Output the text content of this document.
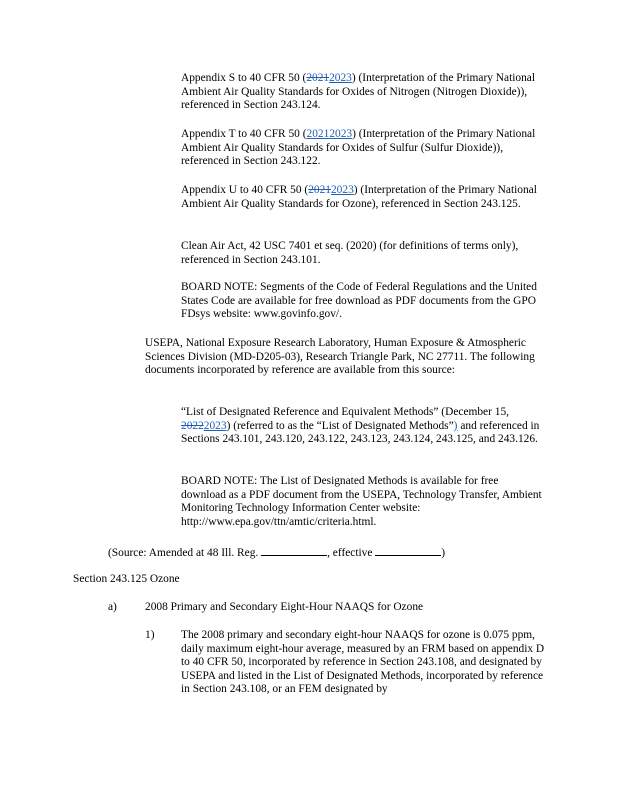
Appendix S to 40 CFR 50 (20212023) (Interpretation of the Primary National Ambient Air Quality Standards for Oxides of Nitrogen (Nitrogen Dioxide)), referenced in Section 243.124.

Appendix T to 40 CFR 50 (20212023) (Interpretation of the Primary National Ambient Air Quality Standards for Oxides of Sulfur (Sulfur Dioxide)), referenced in Section 243.122.

Appendix U to 40 CFR 50 (20212023) (Interpretation of the Primary National Ambient Air Quality Standards for Ozone), referenced in Section 243.125.

Clean Air Act, 42 USC 7401 et seq. (2020) (for definitions of terms only), referenced in Section 243.101.

BOARD NOTE: Segments of the Code of Federal Regulations and the United States Code are available for free download as PDF documents from the GPO FDsys website: www.govinfo.gov/.

USEPA, National Exposure Research Laboratory, Human Exposure & Atmospheric Sciences Division (MD-D205-03), Research Triangle Park, NC 27711. The following documents incorporated by reference are available from this source:

“List of Designated Reference and Equivalent Methods” (December 15, 20222023) (referred to as the “List of Designated Methods”) and referenced in Sections 243.101, 243.120, 243.122, 243.123, 243.124, 243.125, and 243.126.

BOARD NOTE: The List of Designated Methods is available for free download as a PDF document from the USEPA, Technology Transfer, Ambient Monitoring Technology Information Center website: http://www.epa.gov/ttn/amtic/criteria.html.

(Source: Amended at 48 Ill. Reg.	, effective	)

Section 243.125 Ozone

a) 2008 Primary and Secondary Eight-Hour NAAQS for Ozone

1) The 2008 primary and secondary eight-hour NAAQS for ozone is 0.075 ppm, daily maximum eight-hour average, measured by an FRM based on appendix D to 40 CFR 50, incorporated by reference in Section 243.108, and designated by USEPA and listed in the List of Designated Methods, incorporated by reference in Section 243.108, or an FEM designated by
